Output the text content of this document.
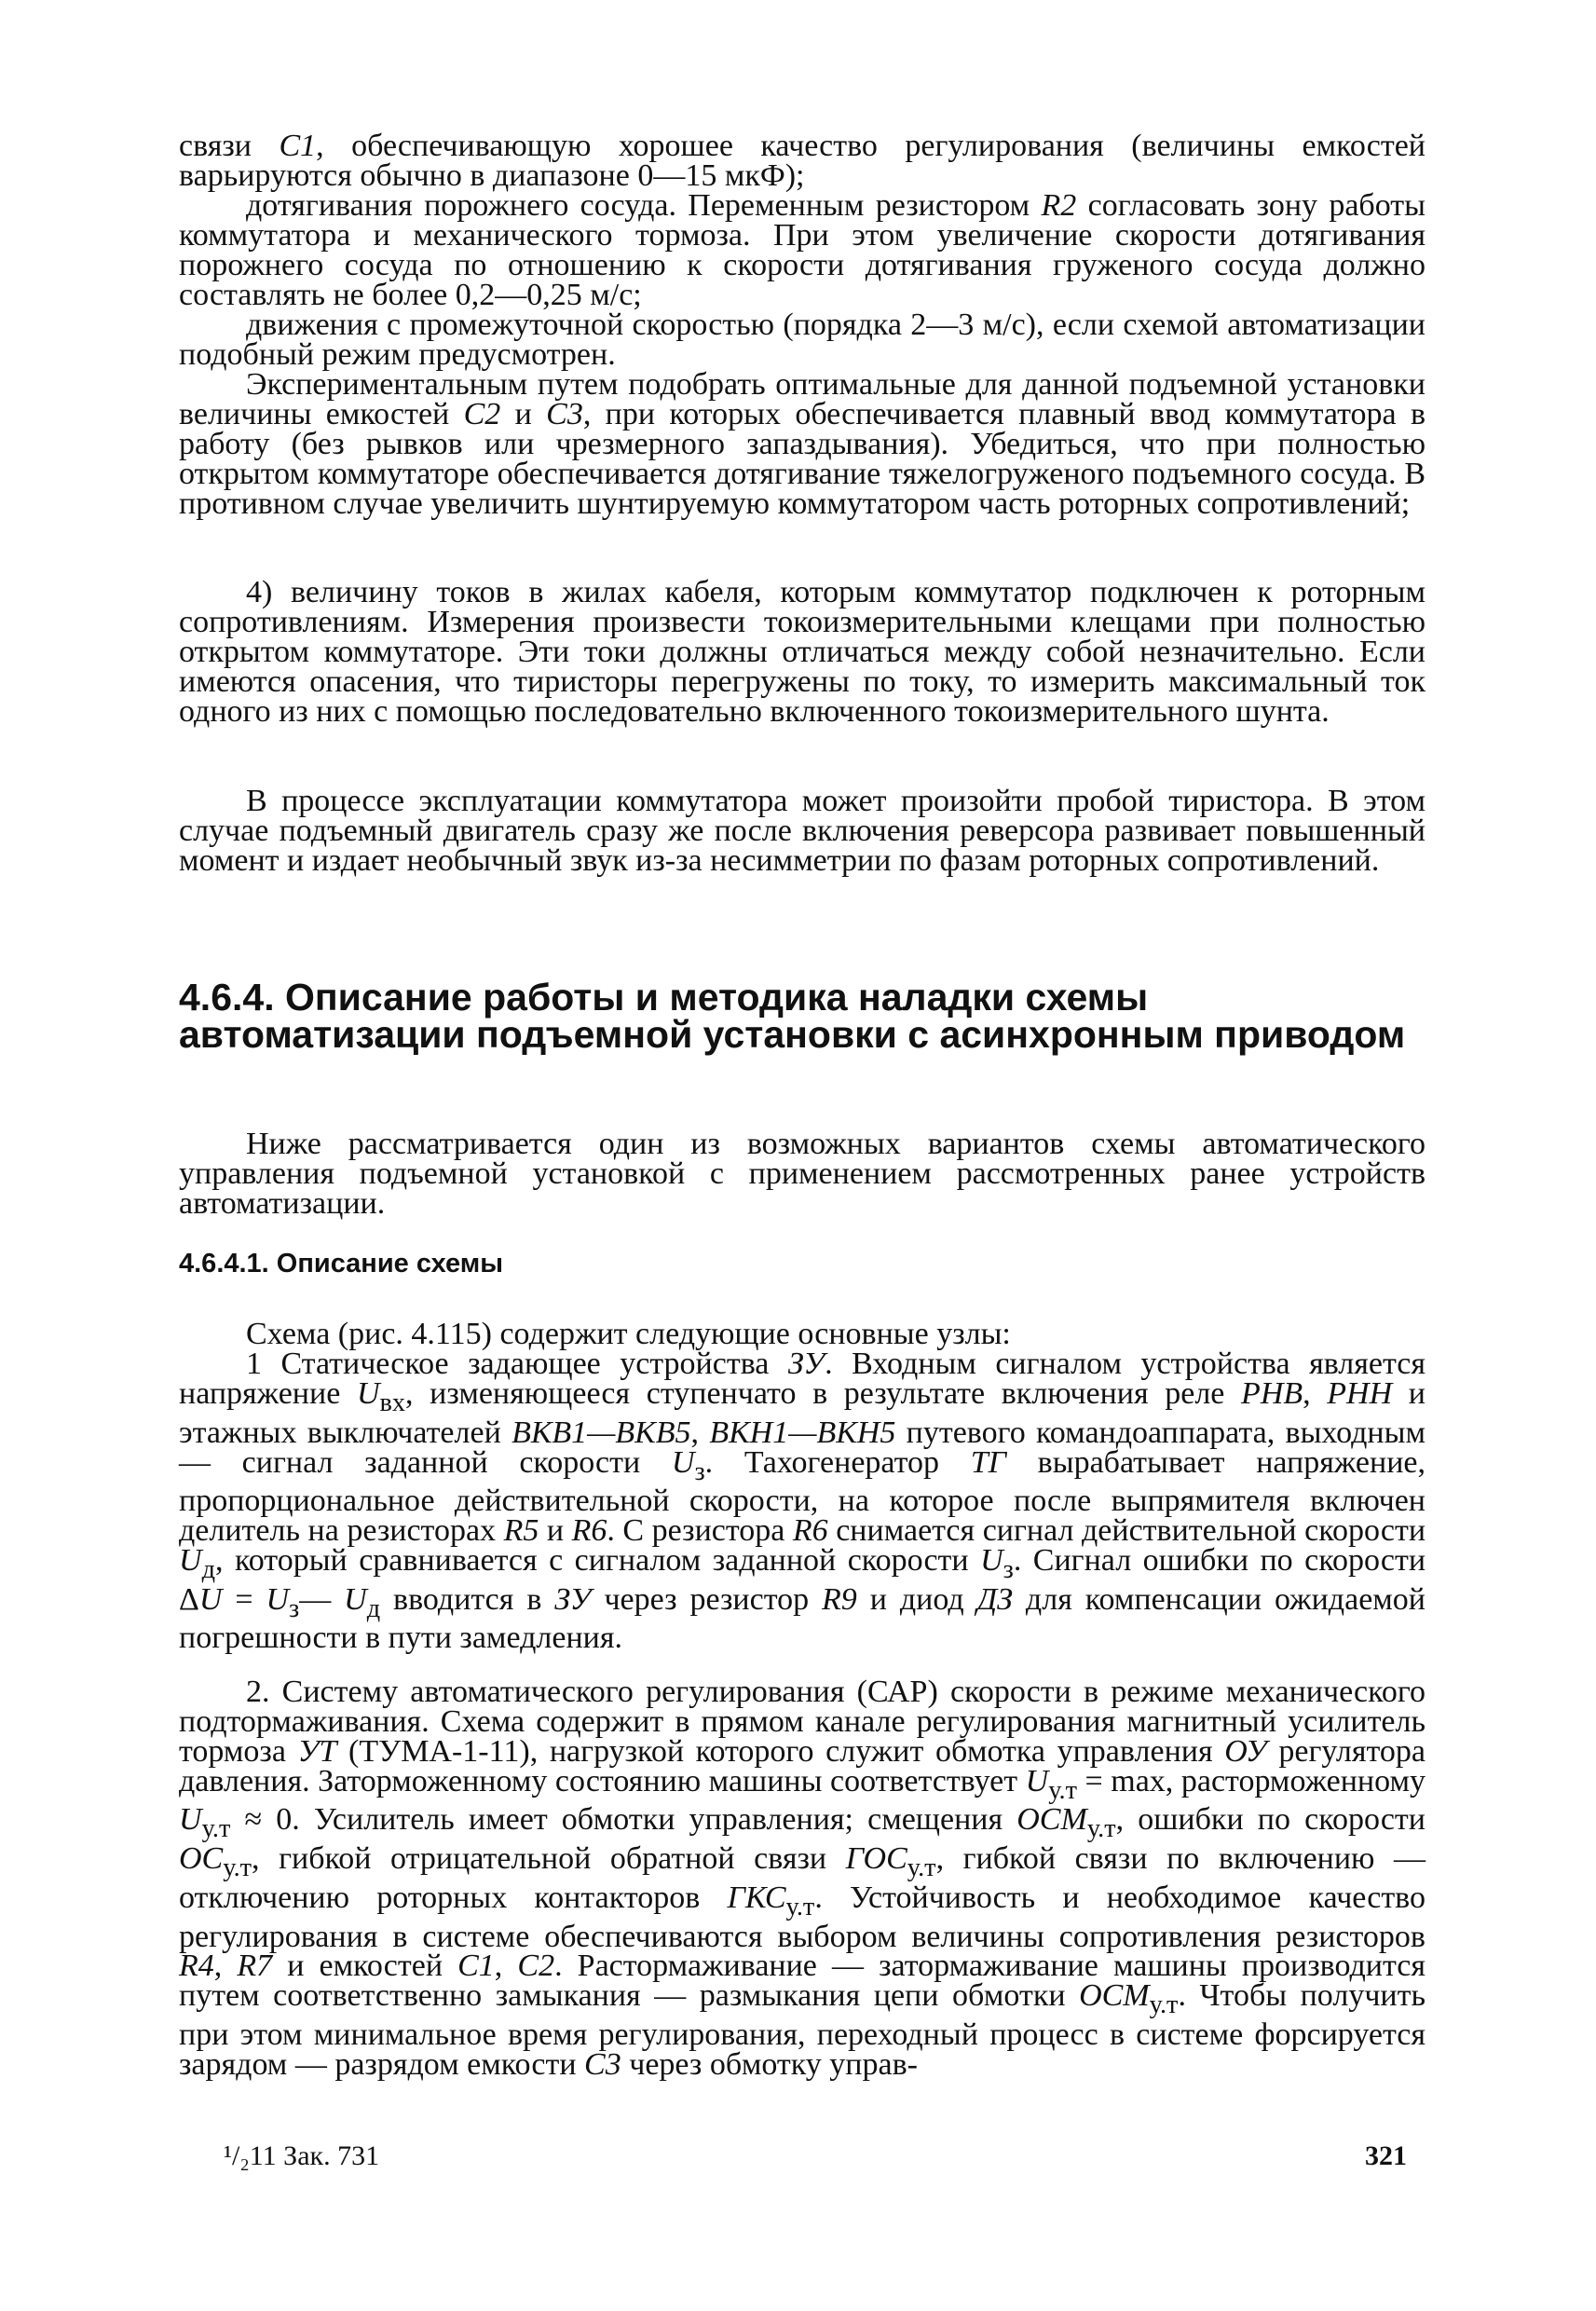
связи C1, обеспечивающую хорошее качество регулирования (величины емкостей варьируются обычно в диапазоне 0—15 мкФ);

дотягивания порожнего сосуда. Переменным резистором R2 согласовать зону работы коммутатора и механического тормоза. При этом увеличение скорости дотягивания порожнего сосуда по отношению к скорости дотягивания груженого сосуда должно составлять не более 0,2—0,25 м/с;

движения с промежуточной скоростью (порядка 2—3 м/с), если схемой автоматизации подобный режим предусмотрен.

Экспериментальным путем подобрать оптимальные для данной подъемной установки величины емкостей C2 и C3, при которых обеспечивается плавный ввод коммутатора в работу (без рывков или чрезмерного запаздывания). Убедиться, что при полностью открытом коммутаторе обеспечивается дотягивание тяжелогруженого подъемного сосуда. В противном случае увеличить шунтируемую коммутатором часть роторных сопротивлений;

4) величину токов в жилах кабеля, которым коммутатор подключен к роторным сопротивлениям. Измерения произвести токоизмерительными клещами при полностью открытом коммутаторе. Эти токи должны отличаться между собой незначительно. Если имеются опасения, что тиристоры перегружены по току, то измерить максимальный ток одного из них с помощью последовательно включенного токоизмерительного шунта.

В процессе эксплуатации коммутатора может произойти пробой тиристора. В этом случае подъемный двигатель сразу же после включения реверсора развивает повышенный момент и издает необычный звук из-за несимметрии по фазам роторных сопротивлений.

4.6.4. Описание работы и методика наладки схемы автоматизации подъемной установки с асинхронным приводом

Ниже рассматривается один из возможных вариантов схемы автоматического управления подъемной установкой с применением рассмотренных ранее устройств автоматизации.

4.6.4.1. Описание схемы

Схема (рис. 4.115) содержит следующие основные узлы:

1 Статическое задающее устройства ЗУ. Входным сигналом устройства является напряжение $U_{вх}$, изменяющееся ступенчато в результате включения реле РНВ, РНН и этажных выключателей ВКВ1—ВКВ5, ВКН1—ВКН5 путевого командоаппарата, выходным — сигнал заданной скорости $U_з$. Тахогенератор ТГ вырабатывает напряжение, пропорциональное действительной скорости, на которое после выпрямителя включен делитель на резисторах R5 и R6. С резистора R6 снимается сигнал действительной скорости $U_д$, который сравнивается с сигналом заданной скорости $U_з$. Сигнал ошибки по скорости $\Delta U = U_з—$ $U_д$ вводится в ЗУ через резистор R9 и диод ДЗ для компенсации ожидаемой погрешности в пути замедления.

2. Систему автоматического регулирования (САР) скорости в режиме механического подтормаживания. Схема содержит в прямом канале регулирования магнитный усилитель тормоза УТ (ТУМА-1-11), нагрузкой которого служит обмотка управления ОУ регулятора давления. Заторможенному состоянию машины соответствует $U_{у.т} = \max$, расторможенному $U_{у.т} \approx 0$. Усилитель имеет обмотки управления; смещения $ОСМ_{у.т}$, ошибки по скорости $ОС_{у.т}$, гибкой отрицательной обратной связи $ГОС_{у.т}$, гибкой связи по включению — отключению роторных контакторов $ГКС_{у.т}$. Устойчивость и необходимое качество регулирования в системе обеспечиваются выбором величины сопротивления резисторов R4, R7 и емкостей C1, C2. Растормаживание — затормаживание машины производится путем соответственно замыкания — размыкания цепи обмотки $ОСМ_{у.т}$. Чтобы получить при этом минимальное время регулирования, переходный процесс в системе форсируется зарядом — разрядом емкости C3 через обмотку управ-

¹/₂11 Зак. 731	321
